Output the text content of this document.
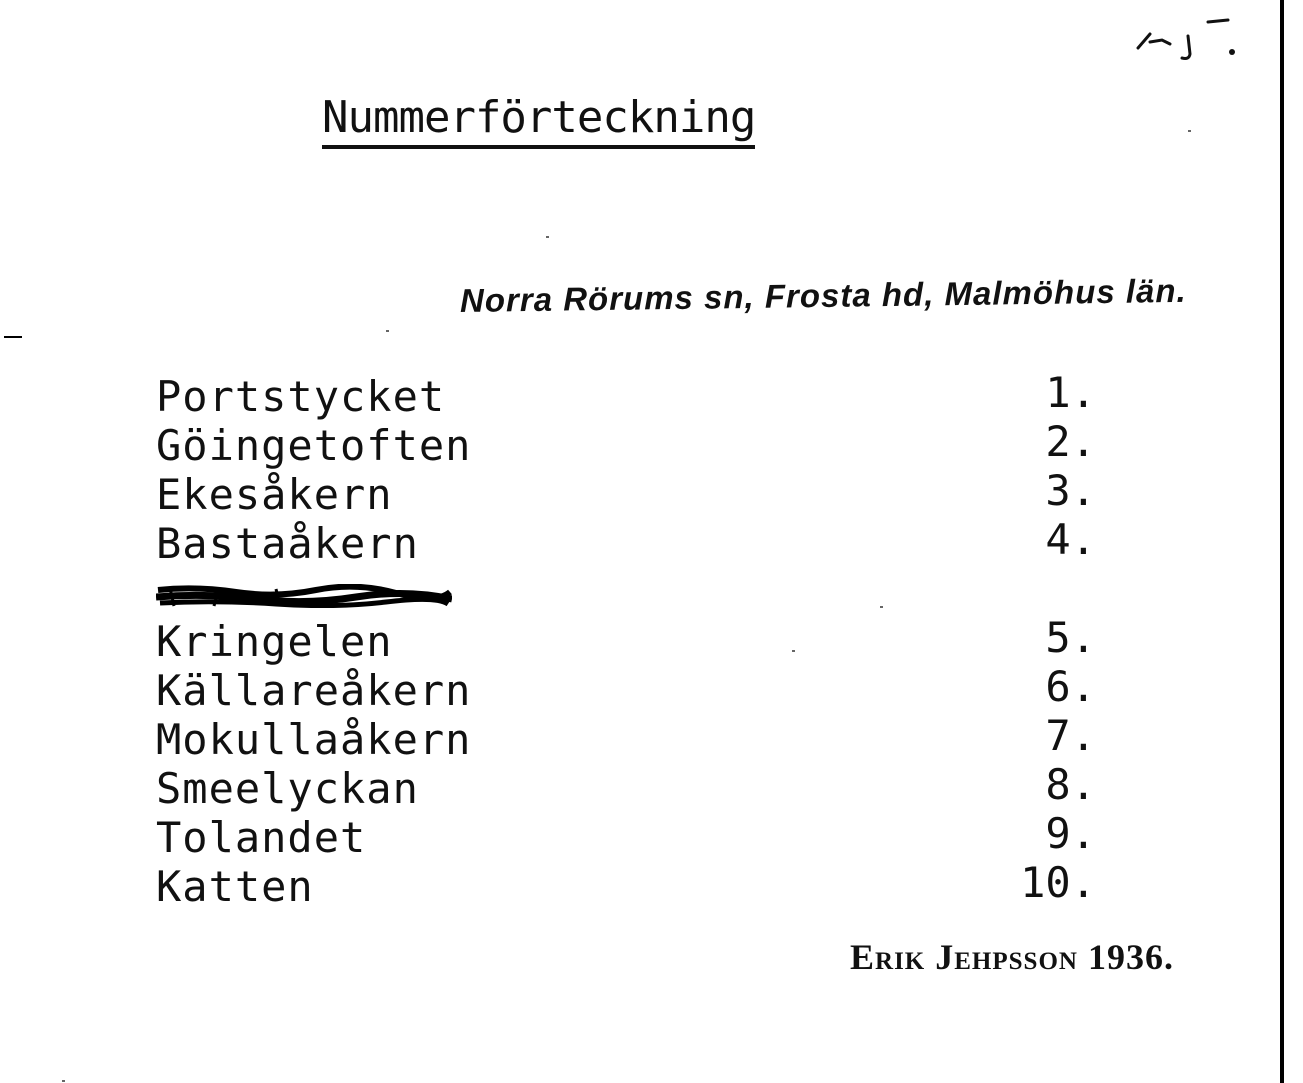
Nummerförteckning
Norra Rörums sn, Frosta hd, Malmöhus län.
Portstycket	1.
Göingetoften	2.
Ekesåkern	3.
Bastaåkern	4.
Kringelen	5.
Källareåkern	6.
Mokullaåkern	7.
Smeelyckan	8.
Tolandet	9.
Katten	10.
Erik Jehpsson 1936.
